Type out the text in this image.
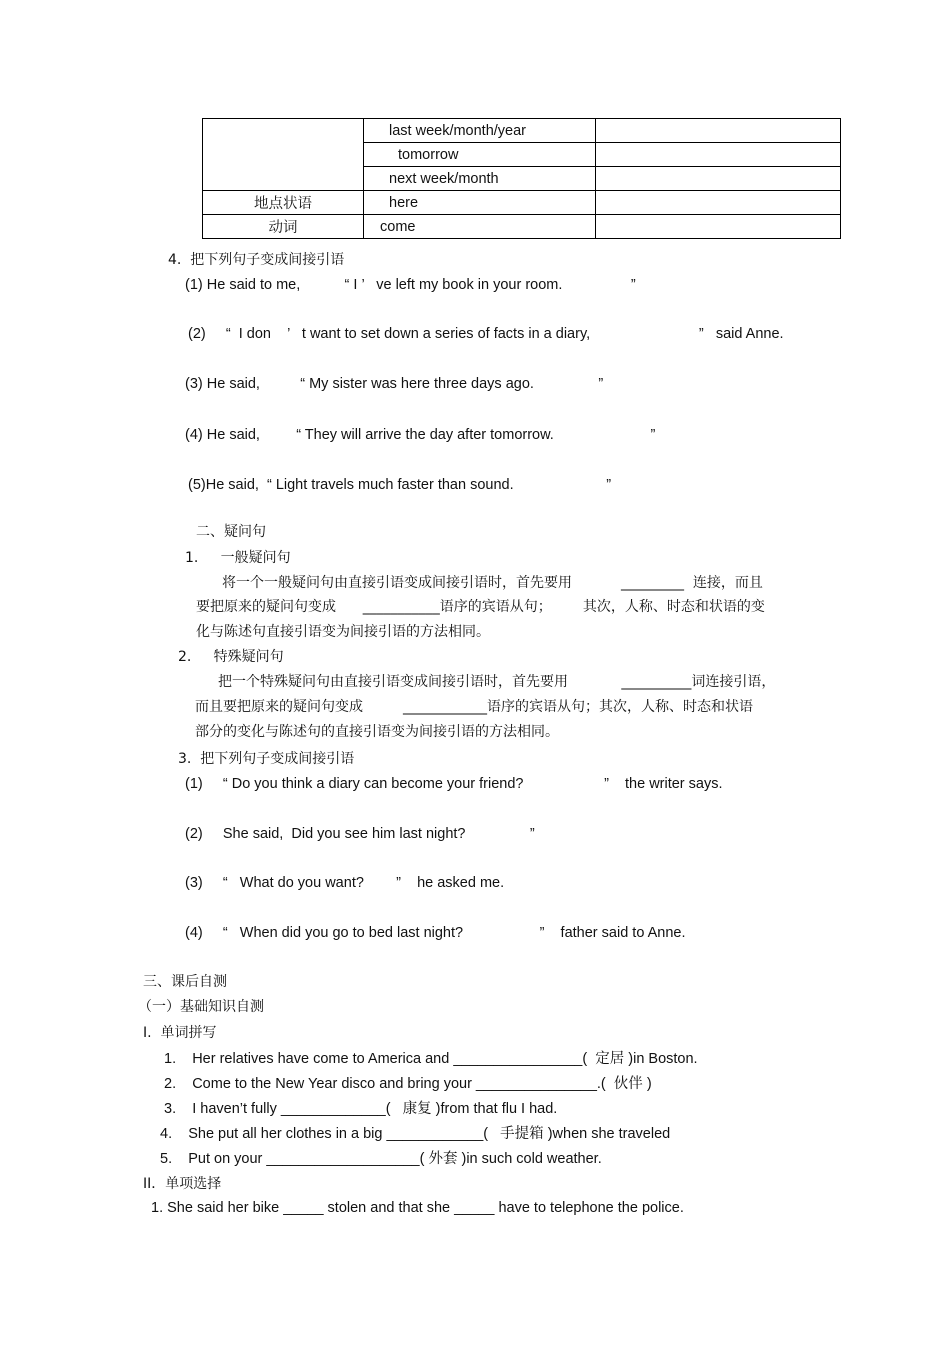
	last week/month/year	
	tomorrow	
	next week/month	
地点状语	here	
动词	come	
4.  把下列句子变成间接引语
(1) He said to me,           “ I ’   ve left my book in your room.                 ”
(2)     “  I don    ’   t want to set down a series of facts in a diary,                           ”   said Anne.
(3) He said,          “ My sister was here three days ago.                ”
(4) He said,         “ They will arrive the day after tomorrow.                        ”
(5)He said,  “ Light travels much faster than sound.                       ”
二、疑问句
1.     一般疑问句
将一个一般疑问句由直接引语变成间接引语时，首先要用           _________  连接，而且
要把原来的疑问句变成      ___________语序的宾语从句；       其次，人称、时态和状语的变
化与陈述句直接引语变为间接引语的方法相同。
2.     特殊疑问句
把一个特殊疑问句由直接引语变成间接引语时，首先要用            __________词连接引语，
而且要把原来的疑问句变成         ____________语序的宾语从句；其次，人称、时态和状语
部分的变化与陈述句的直接引语变为间接引语的方法相同。
3.  把下列句子变成间接引语
(1)     “ Do you think a diary can become your friend?                    ”    the writer says.
(2)     She said,  Did you see him last night?                ”
(3)     “   What do you want?        ”    he asked me.
(4)     “   When did you go to bed last night?                   ”    father said to Anne.
三、课后自测
（一）基础知识自测
I.  单词拼写
1.    Her relatives have come to America and ________________(  定居 )in Boston.
2.    Come to the New Year disco and bring your _______________.(  伙伴 )
3.    I haven’t fully _____________(   康复 )from that flu I had.
4.    She put all her clothes in a big ____________(   手提箱 )when she traveled
5.    Put on your ___________________( 外套 )in such cold weather.
II．单项选择
1. She said her bike _____ stolen and that she _____ have to telephone the police.
